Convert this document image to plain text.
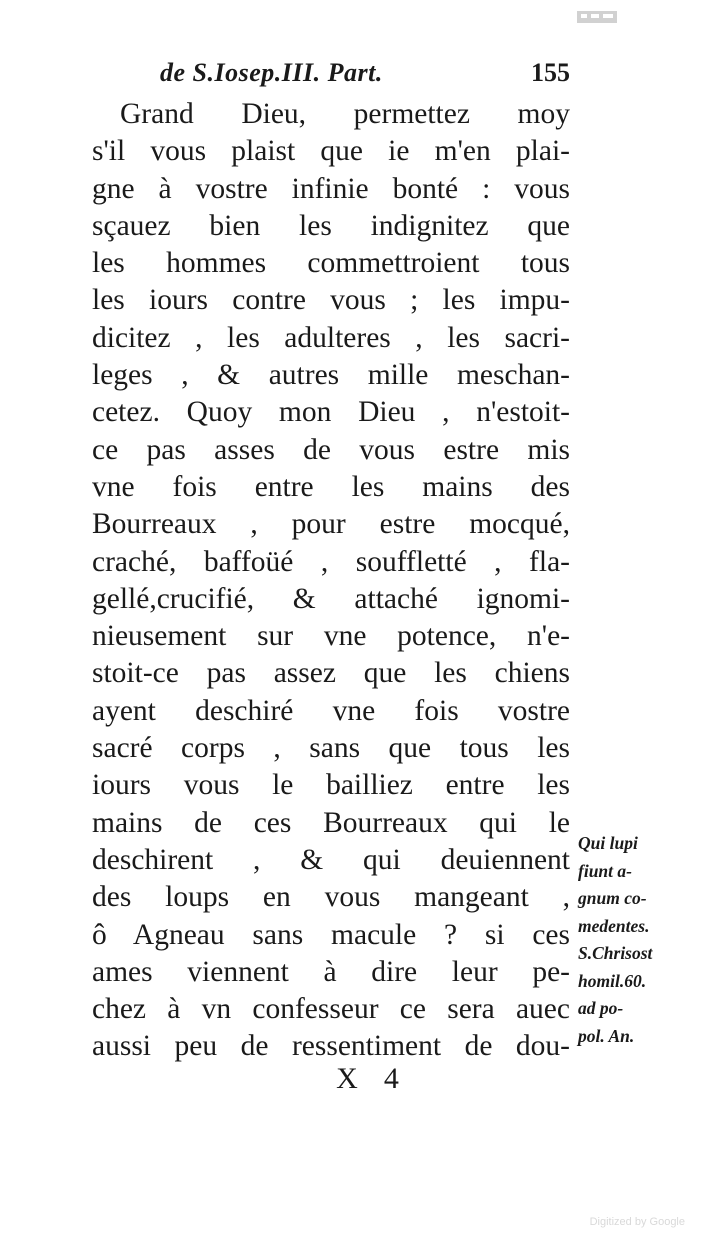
de S.Iosep.III. Part.	155
Grand Dieu, permettez moy
s'il vous plaist que ie m'en plai-
gne à vostre infinie bonté : vous
sçauez bien les indignitez que
les hommes commettroient tous
les iours contre vous ; les impu-
dicitez , les adulteres , les sacri-
leges , & autres mille meschan-
cetez. Quoy mon Dieu , n'estoit-
ce pas asses de vous estre mis
vne fois entre les mains des
Bourreaux , pour estre mocqué,
craché, baffoüé , souffletté , fla-
gellé,crucifié, & attaché ignomi-
nieusement sur vne potence, n'e-
stoit-ce pas assez que les chiens
ayent deschiré vne fois vostre
sacré corps , sans que tous les
iours vous le bailliez entre les
mains de ces Bourreaux qui le
deschirent , & qui deuiennent
des loups en vous mangeant ,
ô Agneau sans macule ? si ces
ames viennent à dire leur pe-
chez à vn confesseur ce sera auec
aussi peu de ressentiment de dou-
Qui lupi
fiunt a-
gnum co-
medentes.
S.Chrisost
homil.60.
ad po-
pol. An.
X 4
Digitized by Google
